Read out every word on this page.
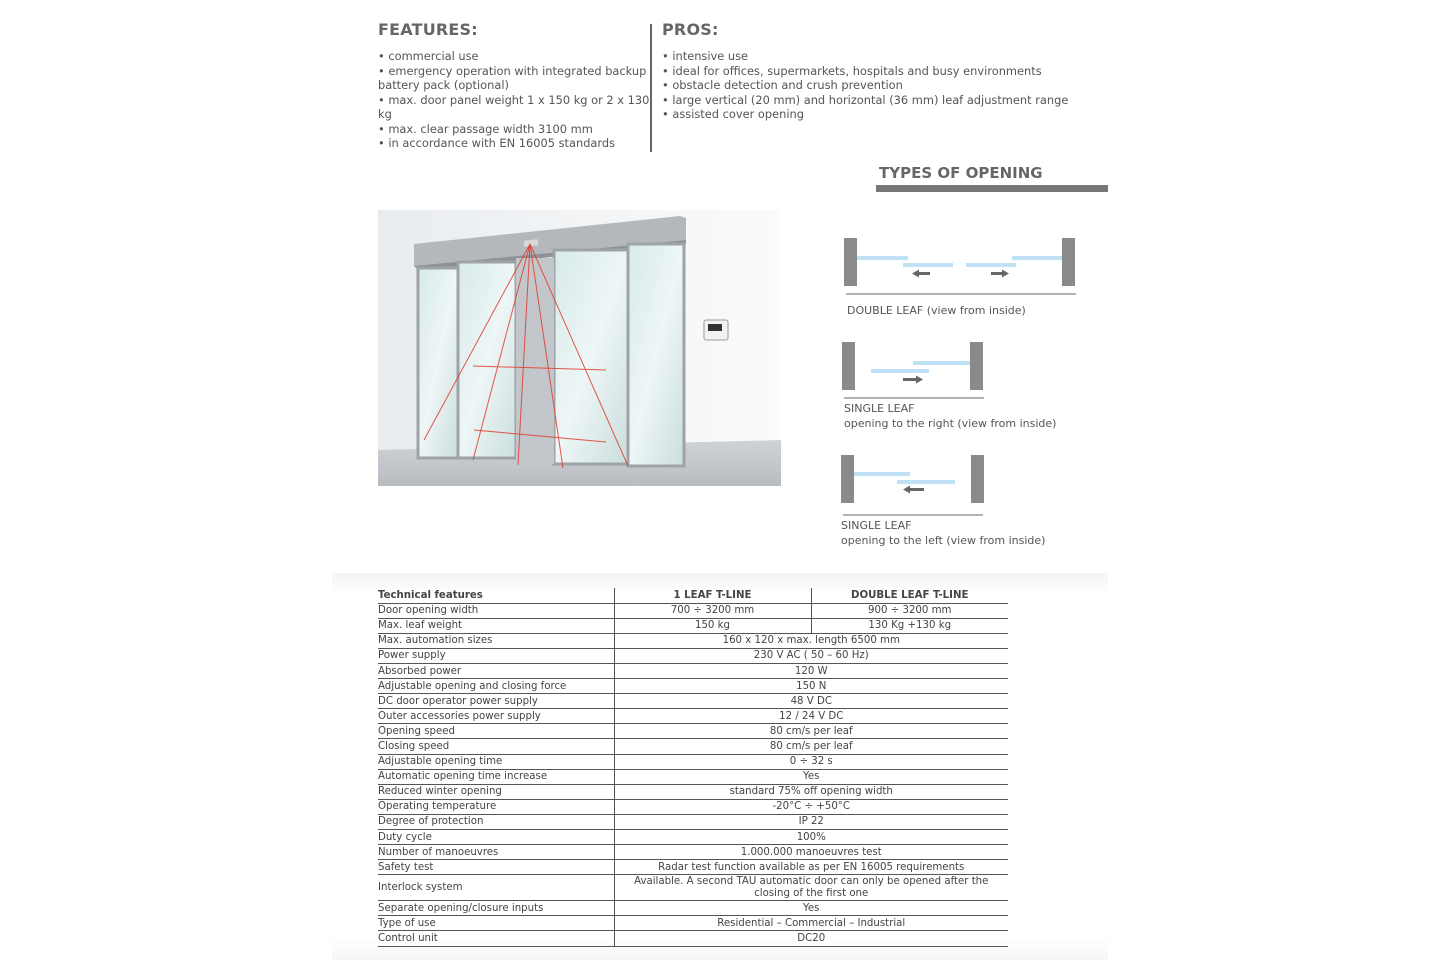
FEATURES:
• commercial use
• emergency operation with integrated backup battery pack (optional)
• max. door panel weight 1 x 150 kg or 2 x 130 kg
• max. clear passage width 3100 mm
• in accordance with EN 16005 standards
PROS:
• intensive use
• ideal for offices, supermarkets, hospitals and busy environments
• obstacle detection and crush prevention
• large vertical (20 mm) and horizontal (36 mm) leaf adjustment range
• assisted cover opening
TYPES OF OPENING
DOUBLE LEAF (view from inside)
SINGLE LEAF
opening to the right (view from inside)
SINGLE LEAF
opening to the left (view from inside)
Technical features	1 LEAF T-LINE	DOUBLE LEAF T-LINE
Door opening width	700 ÷ 3200 mm	900 ÷ 3200 mm
Max. leaf weight	150 kg	130 Kg +130 kg
Max. automation sizes	160 x 120 x max. length 6500 mm	
Power supply	230 V AC ( 50 – 60 Hz)	
Absorbed power	120 W	
Adjustable opening and closing force	150 N	
DC door operator power supply	48 V DC	
Outer accessories power supply	12 / 24 V DC	
Opening speed	80 cm/s per leaf	
Closing speed	80 cm/s per leaf	
Adjustable opening time	0 ÷ 32 s	
Automatic opening time increase	Yes	
Reduced winter opening	standard 75% off opening width	
Operating temperature	-20°C ÷ +50°C	
Degree of protection	IP 22	
Duty cycle	100%	
Number of manoeuvres	1.000.000 manoeuvres test	
Safety test	Radar test function available as per EN 16005 requirements	
Interlock system	Available. A second TAU automatic door can only be opened after the closing of the first one	
Separate opening/closure inputs	Yes	
Type of use	Residential – Commercial – Industrial	
Control unit	DC20	
